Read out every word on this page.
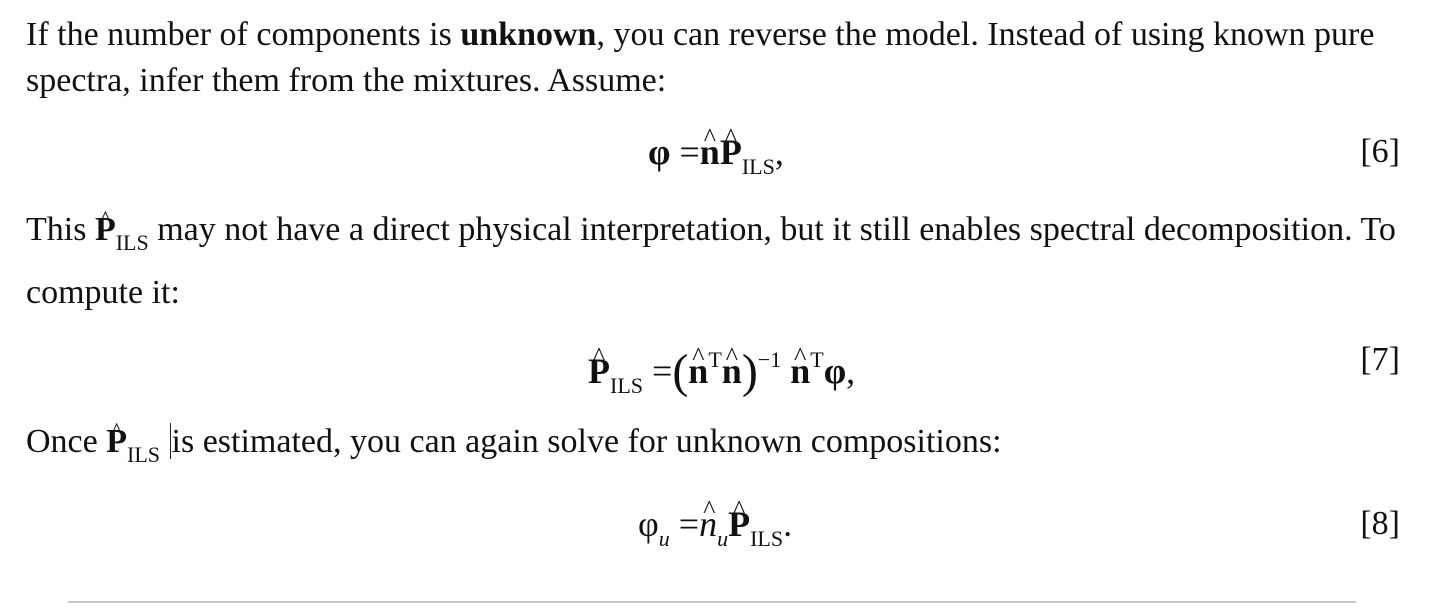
If the number of components is unknown, you can reverse the model. Instead of using known pure spectra, infer them from the mixtures. Assume:

φ =^ n^ $P_{ILS}$,	[6]

This ^ $P_{ILS}$ may not have a direct physical interpretation, but it still enables spectral decomposition. To compute it:

^ $P_{ILS}$ =(^ $n^T\^{}$ n)$^{-1}$ ^ $n^T\varphi$,	[7]

Once ^ $P_{ILS}$ is estimated, you can again solve for unknown compositions:

$\varphi_u$ =^ $n_u\^{}$ $P_{ILS}$.	[8]
